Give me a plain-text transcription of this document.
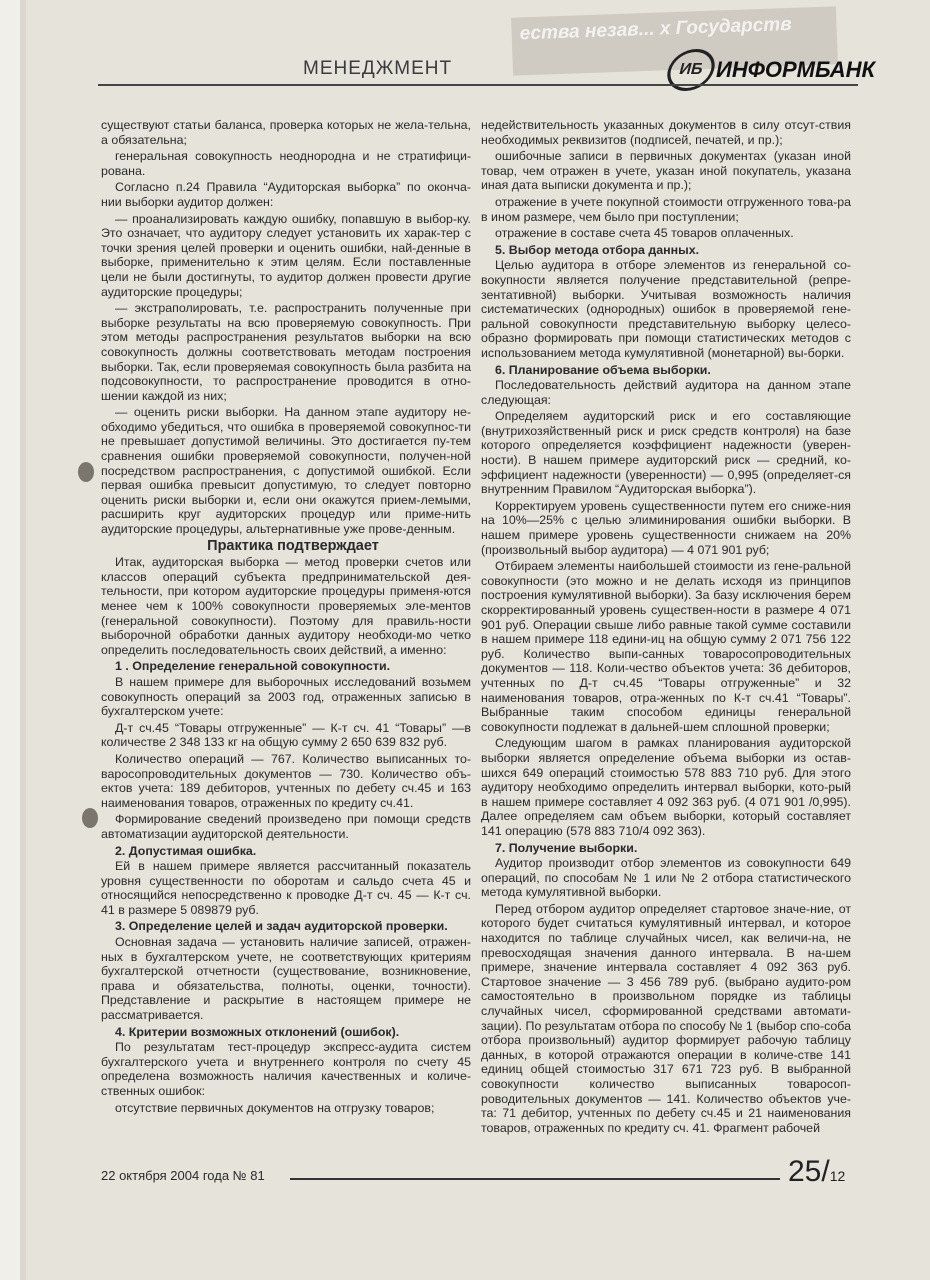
ества незав... х Государств
МЕНЕДЖМЕНТ	ИБ ИНФОРМБАНК

существуют статьи баланса, проверка которых не жела-тельна, а обязательна;

генеральная совокупность неоднородна и не стратифици-рована.

Согласно п.24 Правила “Аудиторская выборка” по оконча-нии выборки аудитор должен:

— проанализировать каждую ошибку, попавшую в выбор-ку. Это означает, что аудитору следует установить их харак-тер с точки зрения целей проверки и оценить ошибки, най-денные в выборке, применительно к этим целям. Если поставленные цели не были достигнуты, то аудитор должен провести другие аудиторские процедуры;

— экстраполировать, т.е. распространить полученные при выборке результаты на всю проверяемую совокупность. При этом методы распространения результатов выборки на всю совокупность должны соответствовать методам построения выборки. Так, если проверяемая совокупность была разбита на подсовокупности, то распространение проводится в отно-шении каждой из них;

— оценить риски выборки. На данном этапе аудитору не-обходимо убедиться, что ошибка в проверяемой совокупнос-ти не превышает допустимой величины. Это достигается пу-тем сравнения ошибки проверяемой совокупности, получен-ной посредством распространения, с допустимой ошибкой. Если первая ошибка превысит допустимую, то следует повторно оценить риски выборки и, если они окажутся прием-лемыми, расширить круг аудиторских процедур или приме-нить аудиторские процедуры, альтернативные уже прове-денным.

Практика подтверждает

Итак, аудиторская выборка — метод проверки счетов или классов операций субъекта предпринимательской дея-тельности, при котором аудиторские процедуры применя-ются менее чем к 100% совокупности проверяемых эле-ментов (генеральной совокупности). Поэтому для правиль-ности выборочной обработки данных аудитору необходи-мо четко определить последовательность своих действий, а именно:

1 . Определение генеральной совокупности.

В нашем примере для выборочных исследований возьмем совокупность операций за 2003 год, отраженных записью в бухгалтерском учете:

Д-т сч.45 “Товары отгруженные” — К-т сч. 41 “Товары” —в количестве 2 348 133 кг на общую сумму 2 650 639 832 руб.

Количество операций — 767. Количество выписанных то-варосопроводительных документов — 730. Количество объ-ектов учета: 189 дебиторов, учтенных по дебету сч.45 и 163 наименования товаров, отраженных по кредиту сч.41.

Формирование сведений произведено при помощи средств автоматизации аудиторской деятельности.

2. Допустимая ошибка.

Ей в нашем примере является рассчитанный показатель уровня существенности по оборотам и сальдо счета 45 и относящийся непосредственно к проводке Д-т сч. 45 — К-т сч. 41 в размере 5 089879 руб.

3. Определение целей и задач аудиторской проверки.

Основная задача — установить наличие записей, отражен-ных в бухгалтерском учете, не соответствующих критериям бухгалтерской отчетности (существование, возникновение, права и обязательства, полноты, оценки, точности). Представление и раскрытие в настоящем примере не рассматривается.

4. Критерии возможных отклонений (ошибок).

По результатам тест-процедур экспресс-аудита систем бухгалтерского учета и внутреннего контроля по счету 45 определена возможность наличия качественных и количе-ственных ошибок:

отсутствие первичных документов на отгрузку товаров;

недействительность указанных документов в силу отсут-ствия необходимых реквизитов (подписей, печатей, и пр.);

ошибочные записи в первичных документах (указан иной товар, чем отражен в учете, указан иной покупатель, указана иная дата выписки документа и пр.);

отражение в учете покупной стоимости отгруженного това-ра в ином размере, чем было при поступлении;

отражение в составе счета 45 товаров оплаченных.

5. Выбор метода отбора данных.

Целью аудитора в отборе элементов из генеральной со-вокупности является получение представительной (репре-зентативной) выборки. Учитывая возможность наличия систематических (однородных) ошибок в проверяемой гене-ральной совокупности представительную выборку целесо-образно формировать при помощи статистических методов с использованием метода кумулятивной (монетарной) вы-борки.

6. Планирование объема выборки.

Последовательность действий аудитора на данном этапе следующая:

Определяем аудиторский риск и его составляющие (внутрихозяйственный риск и риск средств контроля) на базе которого определяется коэффициент надежности (уверен-ности). В нашем примере аудиторский риск — средний, ко-эффициент надежности (уверенности) — 0,995 (определяет-ся внутренним Правилом “Аудиторская выборка”).

Корректируем уровень существенности путем его сниже-ния на 10%—25% с целью элиминирования ошибки выборки. В нашем примере уровень существенности снижаем на 20% (произвольный выбор аудитора) — 4 071 901 руб;

Отбираем элементы наибольшей стоимости из гене-ральной совокупности (это можно и не делать исходя из принципов построения кумулятивной выборки). За базу исключения берем скорректированный уровень существен-ности в размере 4 071 901 руб. Операции свыше либо равные такой сумме составили в нашем примере 118 едини-иц на общую сумму 2 071 756 122 руб. Количество выпи-санных товаросопроводительных документов — 118. Коли-чество объектов учета: 36 дебиторов, учтенных по Д-т сч.45 “Товары отгруженные” и 32 наименования товаров, отра-женных по К-т сч.41 “Товары”. Выбранные таким способом единицы генеральной совокупности подлежат в дальней-шем сплошной проверки;

Следующим шагом в рамках планирования аудиторской выборки является определение объема выборки из остав-шихся 649 операций стоимостью 578 883 710 руб. Для этого аудитору необходимо определить интервал выборки, кото-рый в нашем примере составляет 4 092 363 руб. (4 071 901 /0,995). Далее определяем сам объем выборки, который составляет 141 операцию (578 883 710/4 092 363).

7. Получение выборки.

Аудитор производит отбор элементов из совокупности 649 операций, по способам № 1 или № 2 отбора статистического метода кумулятивной выборки.

Перед отбором аудитор определяет стартовое значе-ние, от которого будет считаться кумулятивный интервал, и которое находится по таблице случайных чисел, как величи-на, не превосходящая значения данного интервала. В на-шем примере, значение интервала составляет 4 092 363 руб. Стартовое значение — 3 456 789 руб. (выбрано аудито-ром самостоятельно в произвольном порядке из таблицы случайных чисел, сформированной средствами автомати-зации). По результатам отбора по способу № 1 (выбор спо-соба отбора произвольный) аудитор формирует рабочую таблицу данных, в которой отражаются операции в количе-стве 141 единиц общей стоимостью 317 671 723 руб. В выбранной совокупности количество выписанных товаросоп-роводительных документов — 141. Количество объектов уче-та: 71 дебитор, учтенных по дебету сч.45 и 21 наименования товаров, отраженных по кредиту сч. 41. Фрагмент рабочей

22 октября 2004 года № 81	25/12
